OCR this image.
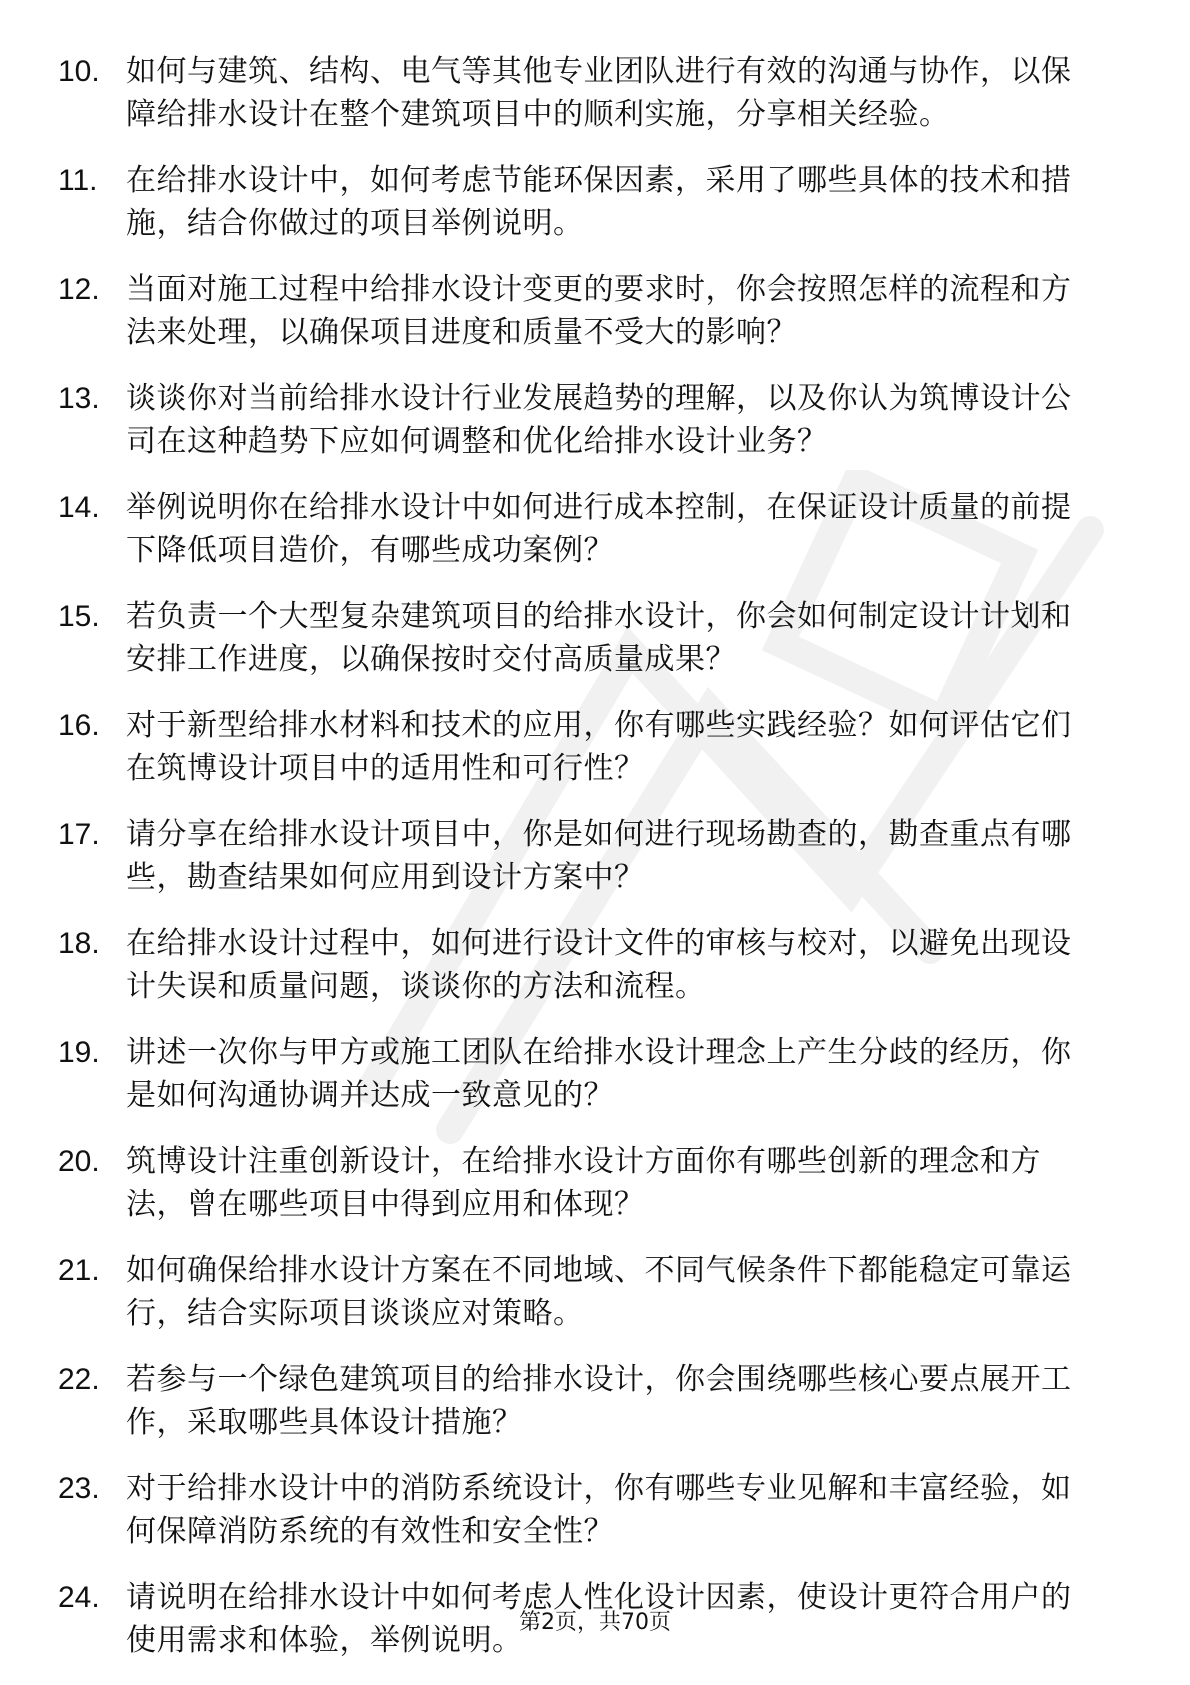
10. 如何与建筑、结构、电气等其他专业团队进行有效的沟通与协作，以保障给排水设计在整个建筑项目中的顺利实施，分享相关经验。
11. 在给排水设计中，如何考虑节能环保因素，采用了哪些具体的技术和措施，结合你做过的项目举例说明。
12. 当面对施工过程中给排水设计变更的要求时，你会按照怎样的流程和方法来处理，以确保项目进度和质量不受大的影响？
13. 谈谈你对当前给排水设计行业发展趋势的理解，以及你认为筑博设计公司在这种趋势下应如何调整和优化给排水设计业务？
14. 举例说明你在给排水设计中如何进行成本控制，在保证设计质量的前提下降低项目造价，有哪些成功案例？
15. 若负责一个大型复杂建筑项目的给排水设计，你会如何制定设计计划和安排工作进度，以确保按时交付高质量成果？
16. 对于新型给排水材料和技术的应用，你有哪些实践经验？如何评估它们在筑博设计项目中的适用性和可行性？
17. 请分享在给排水设计项目中，你是如何进行现场勘查的，勘查重点有哪些，勘查结果如何应用到设计方案中？
18. 在给排水设计过程中，如何进行设计文件的审核与校对，以避免出现设计失误和质量问题，谈谈你的方法和流程。
19. 讲述一次你与甲方或施工团队在给排水设计理念上产生分歧的经历，你是如何沟通协调并达成一致意见的？
20. 筑博设计注重创新设计，在给排水设计方面你有哪些创新的理念和方法，曾在哪些项目中得到应用和体现？
21. 如何确保给排水设计方案在不同地域、不同气候条件下都能稳定可靠运行，结合实际项目谈谈应对策略。
22. 若参与一个绿色建筑项目的给排水设计，你会围绕哪些核心要点展开工作，采取哪些具体设计措施？
23. 对于给排水设计中的消防系统设计，你有哪些专业见解和丰富经验，如何保障消防系统的有效性和安全性？
24. 请说明在给排水设计中如何考虑人性化设计因素，使设计更符合用户的使用需求和体验，举例说明。
第2页，共70页
